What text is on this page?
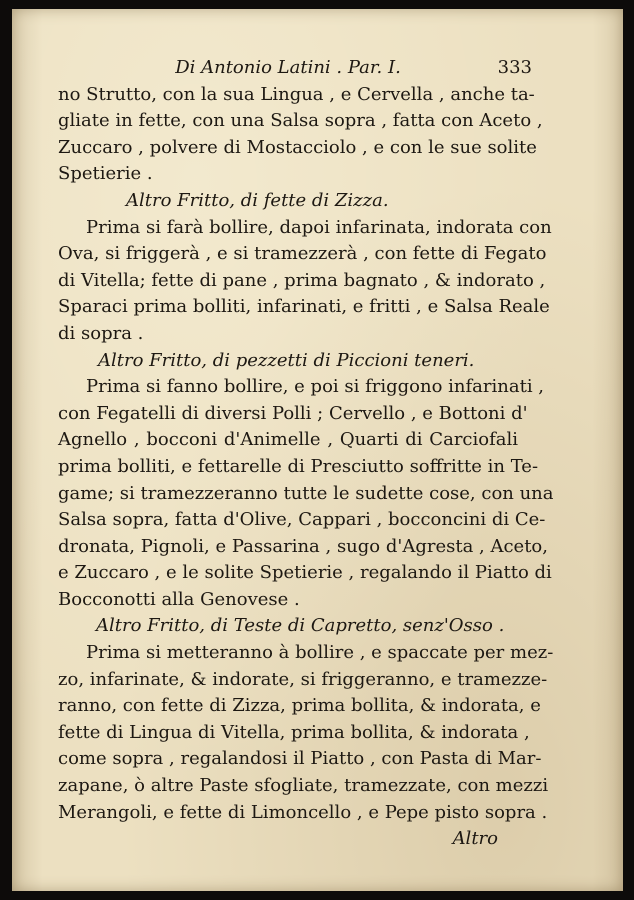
Di Antonio Latini . Par. I.	333
no Strutto, con la sua Lingua , e Cervella , anche ta-
gliate in fette, con una Salsa sopra , fatta con Aceto ,
Zuccaro , polvere di Mostacciolo , e con le sue solite
Spetierie .
Altro Fritto, di fette di Zizza.
Prima si farà bollire, dapoi infarinata, indorata con
Ova, si friggerà , e si tramezzerà , con fette di Fegato
di Vitella; fette di pane , prima bagnato , & indorato ,
Sparaci prima bolliti, infarinati, e fritti , e Salsa Reale
di sopra .
Altro Fritto, di pezzetti di Piccioni teneri.
Prima si fanno bollire, e poi si friggono infarinati ,
con Fegatelli di diversi Polli ; Cervello , e Bottoni d'
Agnello , bocconi d'Animelle , Quarti di Carciofali
prima bolliti, e fettarelle di Presciutto soffritte in Te-
game; si tramezzeranno tutte le sudette cose, con una
Salsa sopra, fatta d'Olive, Cappari , bocconcini di Ce-
dronata, Pignoli, e Passarina , sugo d'Agresta , Aceto,
e Zuccaro , e le solite Spetierie , regalando il Piatto di
Bocconotti alla Genovese .
Altro Fritto, di Teste di Capretto, senz'Osso .
Prima si metteranno à bollire , e spaccate per mez-
zo, infarinate, & indorate, si friggeranno, e tramezze-
ranno, con fette di Zizza, prima bollita, & indorata, e
fette di Lingua di Vitella, prima bollita, & indorata ,
come sopra , regalandosi il Piatto , con Pasta di Mar-
zapane, ò altre Paste sfogliate, tramezzate, con mezzi
Merangoli, e fette di Limoncello , e Pepe pisto sopra .
Altro
